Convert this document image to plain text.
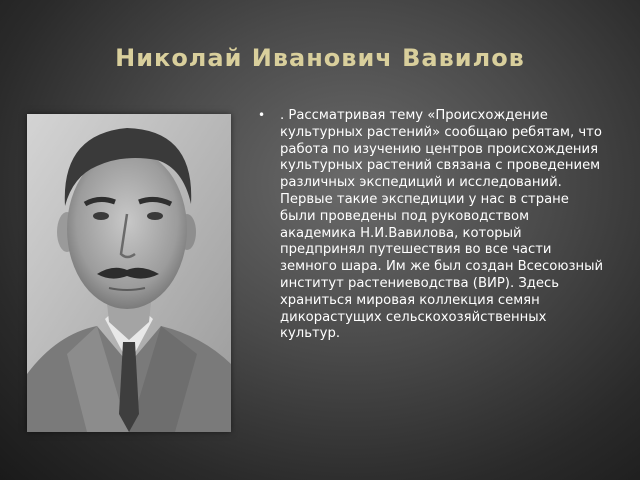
Николай Иванович Вавилов
• . Рассматривая тему «Происхождение культурных растений» сообщаю ребятам, что работа по изучению центров происхождения культурных растений связана с проведением различных экспедиций и исследований. Первые такие экспедиции у нас в стране были проведены под руководством академика Н.И.Вавилова, который предпринял путешествия во все части земного шара. Им же был создан Всесоюзный институт растениеводства (ВИР). Здесь храниться мировая коллекция семян дикорастущих сельскохозяйственных культур.
